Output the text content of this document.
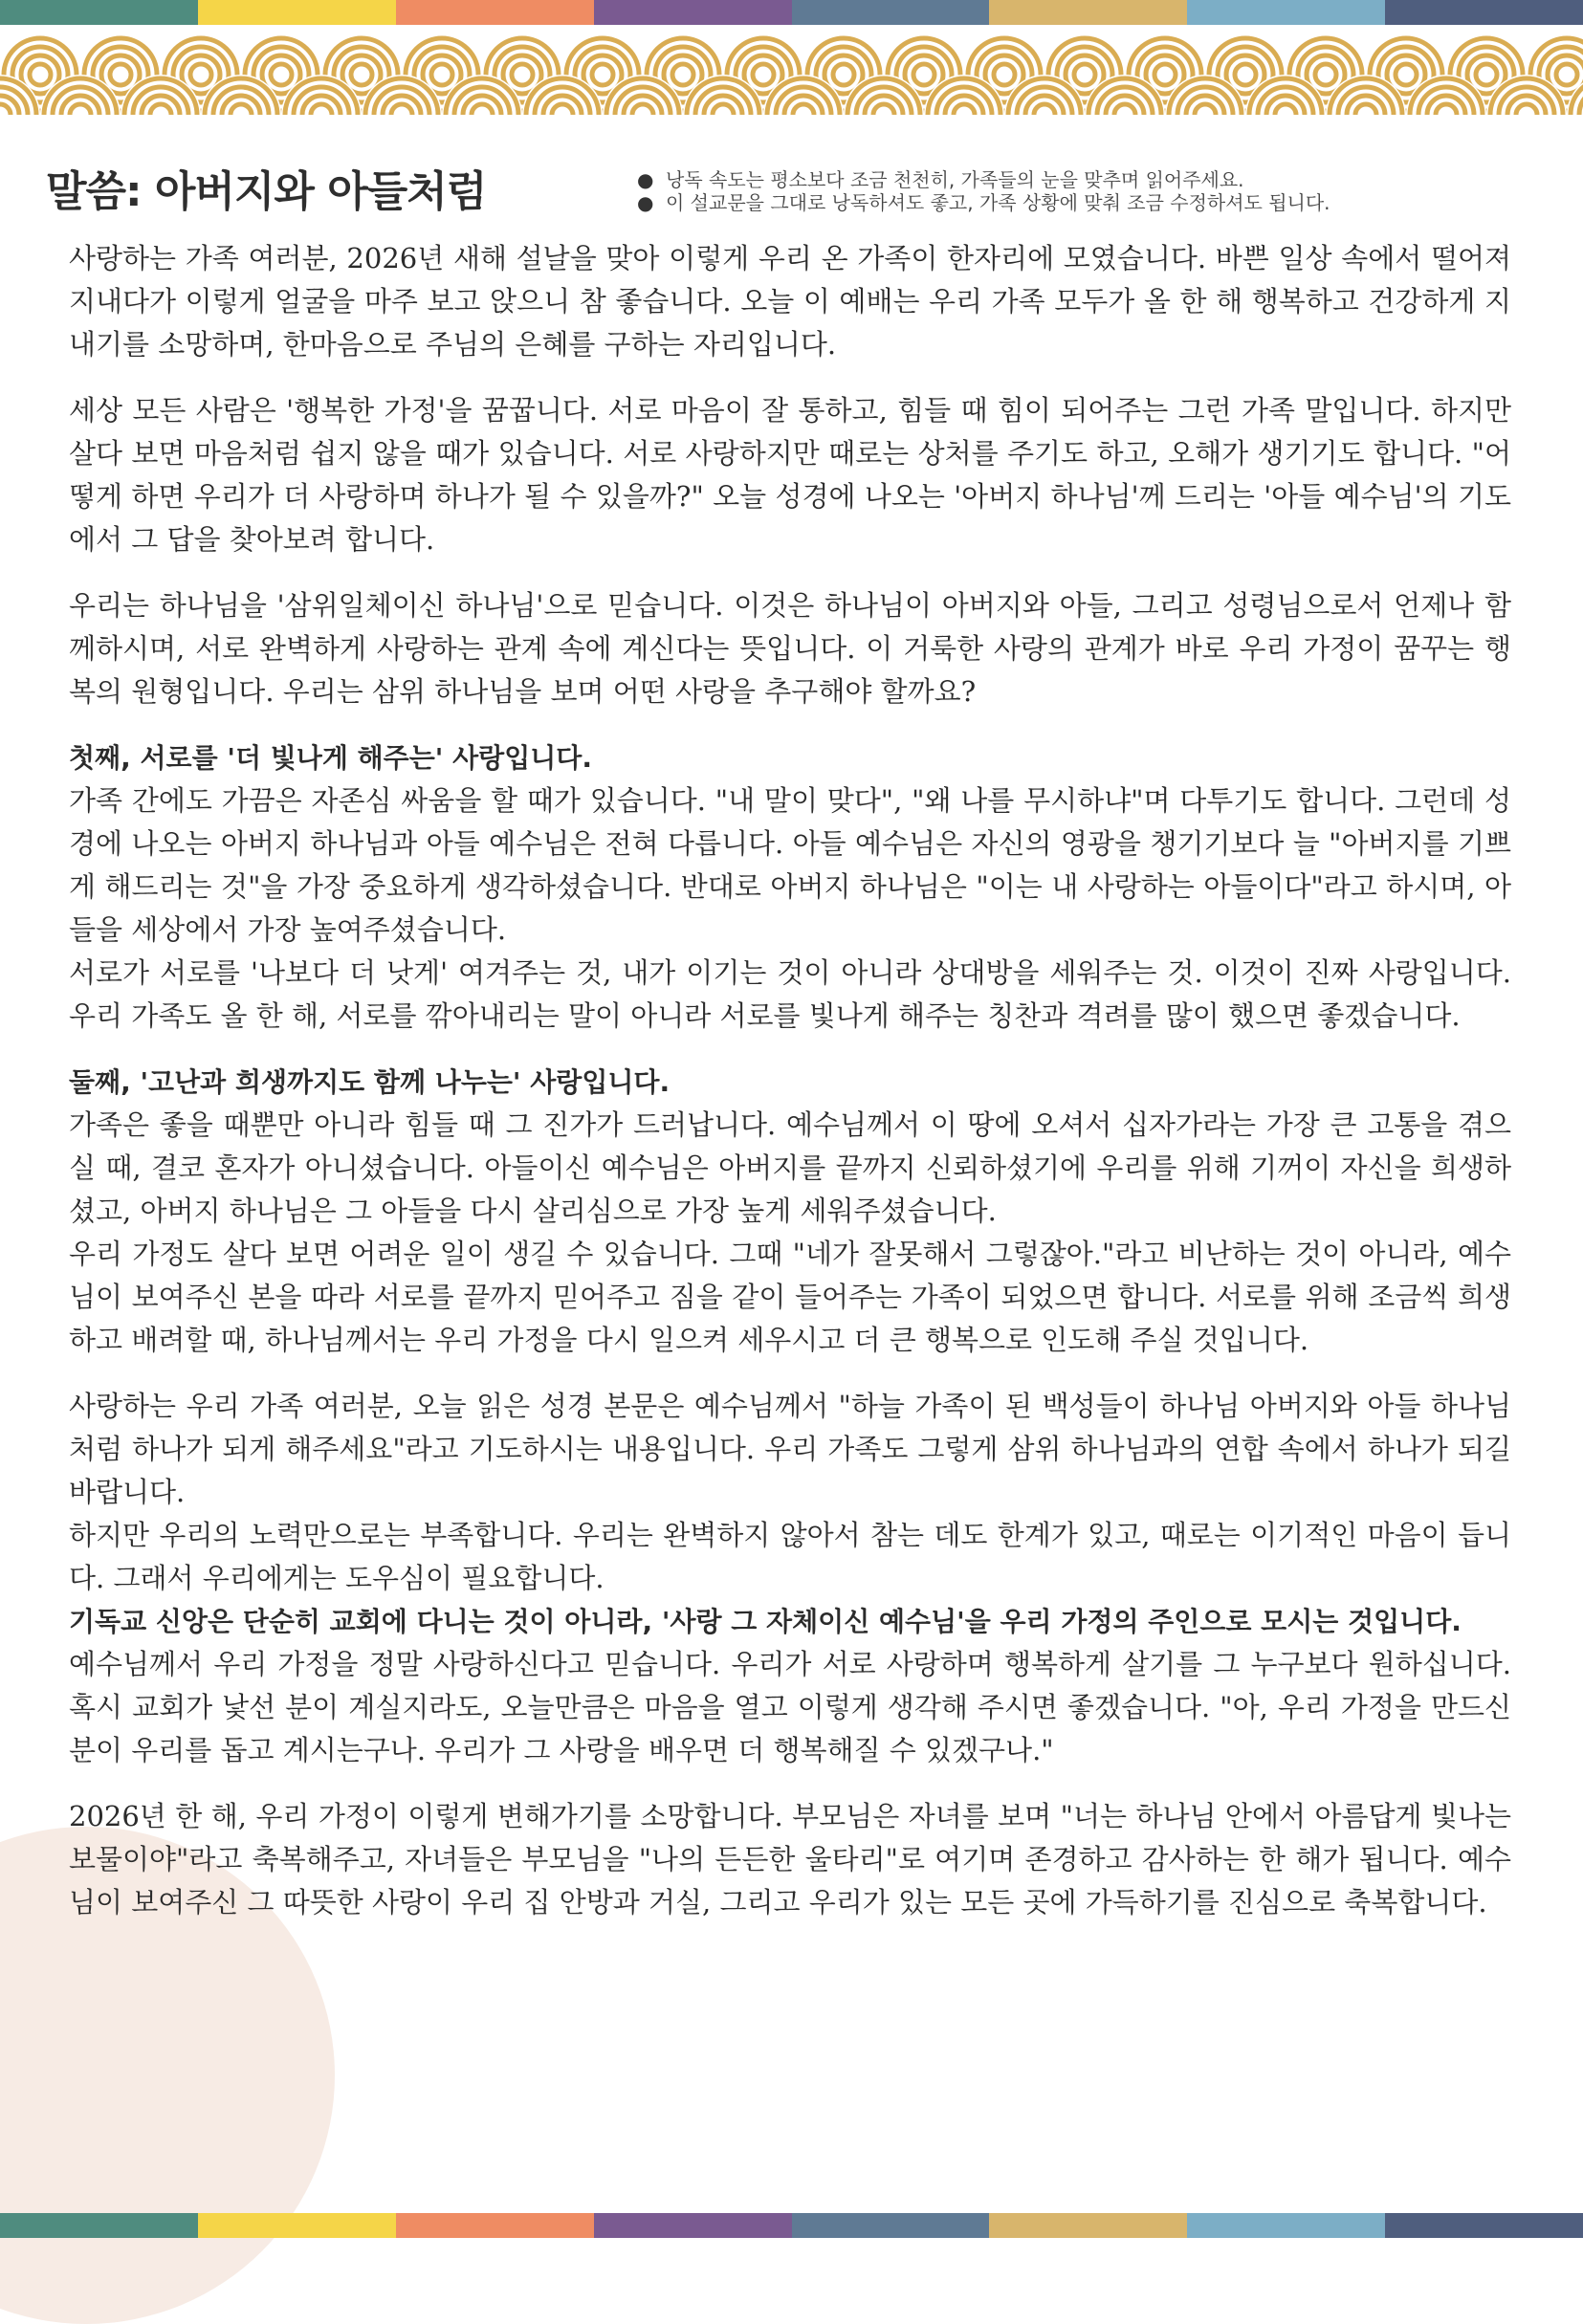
말씀: 아버지와 아들처럼	● 낭독 속도는 평소보다 조금 천천히, 가족들의 눈을 맞추며 읽어주세요.
● 이 설교문을 그대로 낭독하셔도 좋고, 가족 상황에 맞춰 조금 수정하셔도 됩니다.

사랑하는 가족 여러분, 2026년 새해 설날을 맞아 이렇게 우리 온 가족이 한자리에 모였습니다. 바쁜 일상 속에서 떨어져 지내다가 이렇게 얼굴을 마주 보고 앉으니 참 좋습니다. 오늘 이 예배는 우리 가족 모두가 올 한 해 행복하고 건강하게 지내기를 소망하며, 한마음으로 주님의 은혜를 구하는 자리입니다.

세상 모든 사람은 '행복한 가정'을 꿈꿉니다. 서로 마음이 잘 통하고, 힘들 때 힘이 되어주는 그런 가족 말입니다. 하지만 살다 보면 마음처럼 쉽지 않을 때가 있습니다. 서로 사랑하지만 때로는 상처를 주기도 하고, 오해가 생기기도 합니다. "어떻게 하면 우리가 더 사랑하며 하나가 될 수 있을까?" 오늘 성경에 나오는 '아버지 하나님'께 드리는 '아들 예수님'의 기도에서 그 답을 찾아보려 합니다.

우리는 하나님을 '삼위일체이신 하나님'으로 믿습니다. 이것은 하나님이 아버지와 아들, 그리고 성령님으로서 언제나 함께하시며, 서로 완벽하게 사랑하는 관계 속에 계신다는 뜻입니다. 이 거룩한 사랑의 관계가 바로 우리 가정이 꿈꾸는 행복의 원형입니다. 우리는 삼위 하나님을 보며 어떤 사랑을 추구해야 할까요?

첫째, 서로를 '더 빛나게 해주는' 사랑입니다.

가족 간에도 가끔은 자존심 싸움을 할 때가 있습니다. "내 말이 맞다", "왜 나를 무시하냐"며 다투기도 합니다. 그런데 성경에 나오는 아버지 하나님과 아들 예수님은 전혀 다릅니다. 아들 예수님은 자신의 영광을 챙기기보다 늘 "아버지를 기쁘게 해드리는 것"을 가장 중요하게 생각하셨습니다. 반대로 아버지 하나님은 "이는 내 사랑하는 아들이다"라고 하시며, 아들을 세상에서 가장 높여주셨습니다.

서로가 서로를 '나보다 더 낫게' 여겨주는 것, 내가 이기는 것이 아니라 상대방을 세워주는 것. 이것이 진짜 사랑입니다. 우리 가족도 올 한 해, 서로를 깎아내리는 말이 아니라 서로를 빛나게 해주는 칭찬과 격려를 많이 했으면 좋겠습니다.

둘째, '고난과 희생까지도 함께 나누는' 사랑입니다.

가족은 좋을 때뿐만 아니라 힘들 때 그 진가가 드러납니다. 예수님께서 이 땅에 오셔서 십자가라는 가장 큰 고통을 겪으실 때, 결코 혼자가 아니셨습니다. 아들이신 예수님은 아버지를 끝까지 신뢰하셨기에 우리를 위해 기꺼이 자신을 희생하셨고, 아버지 하나님은 그 아들을 다시 살리심으로 가장 높게 세워주셨습니다.

우리 가정도 살다 보면 어려운 일이 생길 수 있습니다. 그때 "네가 잘못해서 그렇잖아."라고 비난하는 것이 아니라, 예수님이 보여주신 본을 따라 서로를 끝까지 믿어주고 짐을 같이 들어주는 가족이 되었으면 합니다. 서로를 위해 조금씩 희생하고 배려할 때, 하나님께서는 우리 가정을 다시 일으켜 세우시고 더 큰 행복으로 인도해 주실 것입니다.

사랑하는 우리 가족 여러분, 오늘 읽은 성경 본문은 예수님께서 "하늘 가족이 된 백성들이 하나님 아버지와 아들 하나님처럼 하나가 되게 해주세요"라고 기도하시는 내용입니다. 우리 가족도 그렇게 삼위 하나님과의 연합 속에서 하나가 되길 바랍니다.

하지만 우리의 노력만으로는 부족합니다. 우리는 완벽하지 않아서 참는 데도 한계가 있고, 때로는 이기적인 마음이 듭니다. 그래서 우리에게는 도우심이 필요합니다.

기독교 신앙은 단순히 교회에 다니는 것이 아니라, '사랑 그 자체이신 예수님'을 우리 가정의 주인으로 모시는 것입니다.

예수님께서 우리 가정을 정말 사랑하신다고 믿습니다. 우리가 서로 사랑하며 행복하게 살기를 그 누구보다 원하십니다. 혹시 교회가 낯선 분이 계실지라도, 오늘만큼은 마음을 열고 이렇게 생각해 주시면 좋겠습니다. "아, 우리 가정을 만드신 분이 우리를 돕고 계시는구나. 우리가 그 사랑을 배우면 더 행복해질 수 있겠구나."

2026년 한 해, 우리 가정이 이렇게 변해가기를 소망합니다. 부모님은 자녀를 보며 "너는 하나님 안에서 아름답게 빛나는 보물이야"라고 축복해주고, 자녀들은 부모님을 "나의 든든한 울타리"로 여기며 존경하고 감사하는 한 해가 됩니다. 예수님이 보여주신 그 따뜻한 사랑이 우리 집 안방과 거실, 그리고 우리가 있는 모든 곳에 가득하기를 진심으로 축복합니다.
